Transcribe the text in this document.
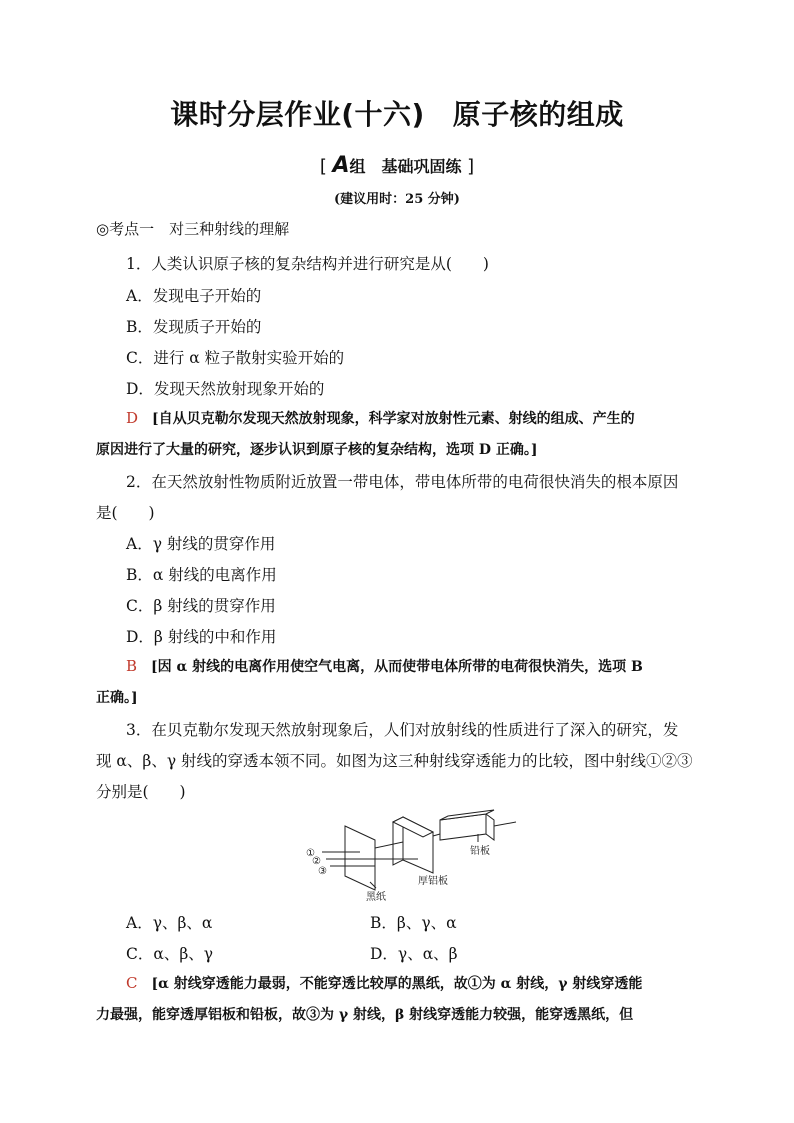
课时分层作业(十六) 原子核的组成
[ A组　基础巩固练 ]
(建议用时：25 分钟)
◎考点一　对三种射线的理解
1．人类认识原子核的复杂结构并进行研究是从(　　)
A．发现电子开始的
B．发现质子开始的
C．进行 α 粒子散射实验开始的
D．发现天然放射现象开始的
D　 [自从贝克勒尔发现天然放射现象，科学家对放射性元素、射线的组成、产生的
原因进行了大量的研究，逐步认识到原子核的复杂结构，选项 D 正确。]
2．在天然放射性物质附近放置一带电体，带电体所带的电荷很快消失的根本原因
是(　　)
A．γ 射线的贯穿作用
B．α 射线的电离作用
C．β 射线的贯穿作用
D．β 射线的中和作用
B　 [因 α 射线的电离作用使空气电离，从而使带电体所带的电荷很快消失，选项 B
正确。]
3．在贝克勒尔发现天然放射现象后，人们对放射线的性质进行了深入的研究，发
现 α、β、γ 射线的穿透本领不同。如图为这三种射线穿透能力的比较，图中射线①②③
分别是(　　)
①
②
③
黑纸
厚铝板
铅板
A．γ、β、α	B．β、γ、α
C．α、β、γ	D．γ、α、β
C　 [α 射线穿透能力最弱，不能穿透比较厚的黑纸，故①为 α 射线，γ 射线穿透能
力最强，能穿透厚铝板和铅板，故③为 γ 射线，β 射线穿透能力较强，能穿透黑纸，但
